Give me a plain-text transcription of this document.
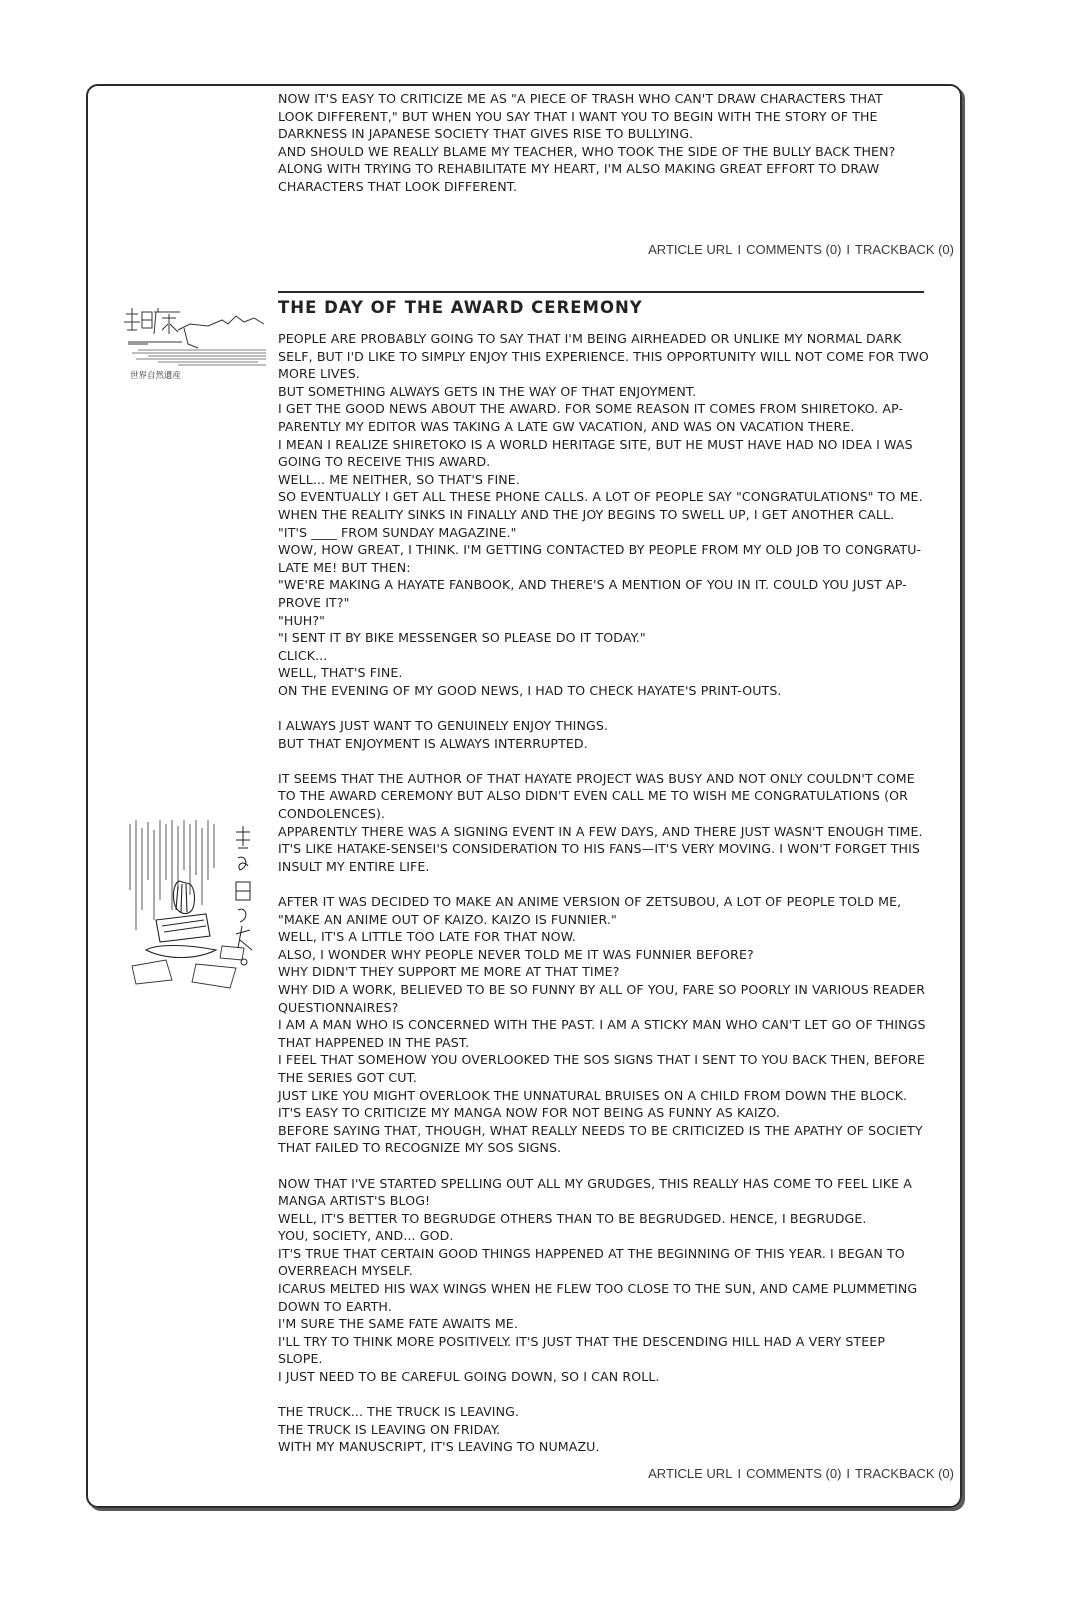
NOW IT'S EASY TO CRITICIZE ME AS "A PIECE OF TRASH WHO CAN'T DRAW CHARACTERS THAT

LOOK DIFFERENT," BUT WHEN YOU SAY THAT I WANT YOU TO BEGIN WITH THE STORY OF THE

DARKNESS IN JAPANESE SOCIETY THAT GIVES RISE TO BULLYING.

AND SHOULD WE REALLY BLAME MY TEACHER, WHO TOOK THE SIDE OF THE BULLY BACK THEN?

ALONG WITH TRYING TO REHABILITATE MY HEART, I'M ALSO MAKING GREAT EFFORT TO DRAW

CHARACTERS THAT LOOK DIFFERENT.

ARTICLE URL I COMMENTS (0) I TRACKBACK (0)
THE DAY OF THE AWARD CEREMONY
世界自然遺産

PEOPLE ARE PROBABLY GOING TO SAY THAT I'M BEING AIRHEADED OR UNLIKE MY NORMAL DARK

SELF, BUT I'D LIKE TO SIMPLY ENJOY THIS EXPERIENCE. THIS OPPORTUNITY WILL NOT COME FOR TWO

MORE LIVES.

BUT SOMETHING ALWAYS GETS IN THE WAY OF THAT ENJOYMENT.

I GET THE GOOD NEWS ABOUT THE AWARD. FOR SOME REASON IT COMES FROM SHIRETOKO. AP-

PARENTLY MY EDITOR WAS TAKING A LATE GW VACATION, AND WAS ON VACATION THERE.

I MEAN I REALIZE SHIRETOKO IS A WORLD HERITAGE SITE, BUT HE MUST HAVE HAD NO IDEA I WAS

GOING TO RECEIVE THIS AWARD.

WELL... ME NEITHER, SO THAT'S FINE.

SO EVENTUALLY I GET ALL THESE PHONE CALLS. A LOT OF PEOPLE SAY "CONGRATULATIONS" TO ME.

WHEN THE REALITY SINKS IN FINALLY AND THE JOY BEGINS TO SWELL UP, I GET ANOTHER CALL.

"IT'S ____ FROM SUNDAY MAGAZINE."

WOW, HOW GREAT, I THINK. I'M GETTING CONTACTED BY PEOPLE FROM MY OLD JOB TO CONGRATU-

LATE ME! BUT THEN:

"WE'RE MAKING A HAYATE FANBOOK, AND THERE'S A MENTION OF YOU IN IT. COULD YOU JUST AP-

PROVE IT?"

"HUH?"

"I SENT IT BY BIKE MESSENGER SO PLEASE DO IT TODAY."

CLICK...

WELL, THAT'S FINE.

ON THE EVENING OF MY GOOD NEWS, I HAD TO CHECK HAYATE'S PRINT-OUTS.

I ALWAYS JUST WANT TO GENUINELY ENJOY THINGS.

BUT THAT ENJOYMENT IS ALWAYS INTERRUPTED.

IT SEEMS THAT THE AUTHOR OF THAT HAYATE PROJECT WAS BUSY AND NOT ONLY COULDN'T COME

TO THE AWARD CEREMONY BUT ALSO DIDN'T EVEN CALL ME TO WISH ME CONGRATULATIONS (OR

CONDOLENCES).

APPARENTLY THERE WAS A SIGNING EVENT IN A FEW DAYS, AND THERE JUST WASN'T ENOUGH TIME.

IT'S LIKE HATAKE-SENSEI'S CONSIDERATION TO HIS FANS—IT'S VERY MOVING. I WON'T FORGET THIS

INSULT MY ENTIRE LIFE.

AFTER IT WAS DECIDED TO MAKE AN ANIME VERSION OF ZETSUBOU, A LOT OF PEOPLE TOLD ME,

"MAKE AN ANIME OUT OF KAIZO. KAIZO IS FUNNIER."

WELL, IT'S A LITTLE TOO LATE FOR THAT NOW.

ALSO, I WONDER WHY PEOPLE NEVER TOLD ME IT WAS FUNNIER BEFORE?

WHY DIDN'T THEY SUPPORT ME MORE AT THAT TIME?

WHY DID A WORK, BELIEVED TO BE SO FUNNY BY ALL OF YOU, FARE SO POORLY IN VARIOUS READER

QUESTIONNAIRES?

I AM A MAN WHO IS CONCERNED WITH THE PAST. I AM A STICKY MAN WHO CAN'T LET GO OF THINGS

THAT HAPPENED IN THE PAST.

I FEEL THAT SOMEHOW YOU OVERLOOKED THE SOS SIGNS THAT I SENT TO YOU BACK THEN, BEFORE

THE SERIES GOT CUT.

JUST LIKE YOU MIGHT OVERLOOK THE UNNATURAL BRUISES ON A CHILD FROM DOWN THE BLOCK.

IT'S EASY TO CRITICIZE MY MANGA NOW FOR NOT BEING AS FUNNY AS KAIZO.

BEFORE SAYING THAT, THOUGH, WHAT REALLY NEEDS TO BE CRITICIZED IS THE APATHY OF SOCIETY

THAT FAILED TO RECOGNIZE MY SOS SIGNS.

NOW THAT I'VE STARTED SPELLING OUT ALL MY GRUDGES, THIS REALLY HAS COME TO FEEL LIKE A

MANGA ARTIST'S BLOG!

WELL, IT'S BETTER TO BEGRUDGE OTHERS THAN TO BE BEGRUDGED. HENCE, I BEGRUDGE.

YOU, SOCIETY, AND... GOD.

IT'S TRUE THAT CERTAIN GOOD THINGS HAPPENED AT THE BEGINNING OF THIS YEAR. I BEGAN TO

OVERREACH MYSELF.

ICARUS MELTED HIS WAX WINGS WHEN HE FLEW TOO CLOSE TO THE SUN, AND CAME PLUMMETING

DOWN TO EARTH.

I'M SURE THE SAME FATE AWAITS ME.

I'LL TRY TO THINK MORE POSITIVELY. IT'S JUST THAT THE DESCENDING HILL HAD A VERY STEEP

SLOPE.

I JUST NEED TO BE CAREFUL GOING DOWN, SO I CAN ROLL.

THE TRUCK... THE TRUCK IS LEAVING.

THE TRUCK IS LEAVING ON FRIDAY.

WITH MY MANUSCRIPT, IT'S LEAVING TO NUMAZU.

ARTICLE URL I COMMENTS (0) I TRACKBACK (0)
